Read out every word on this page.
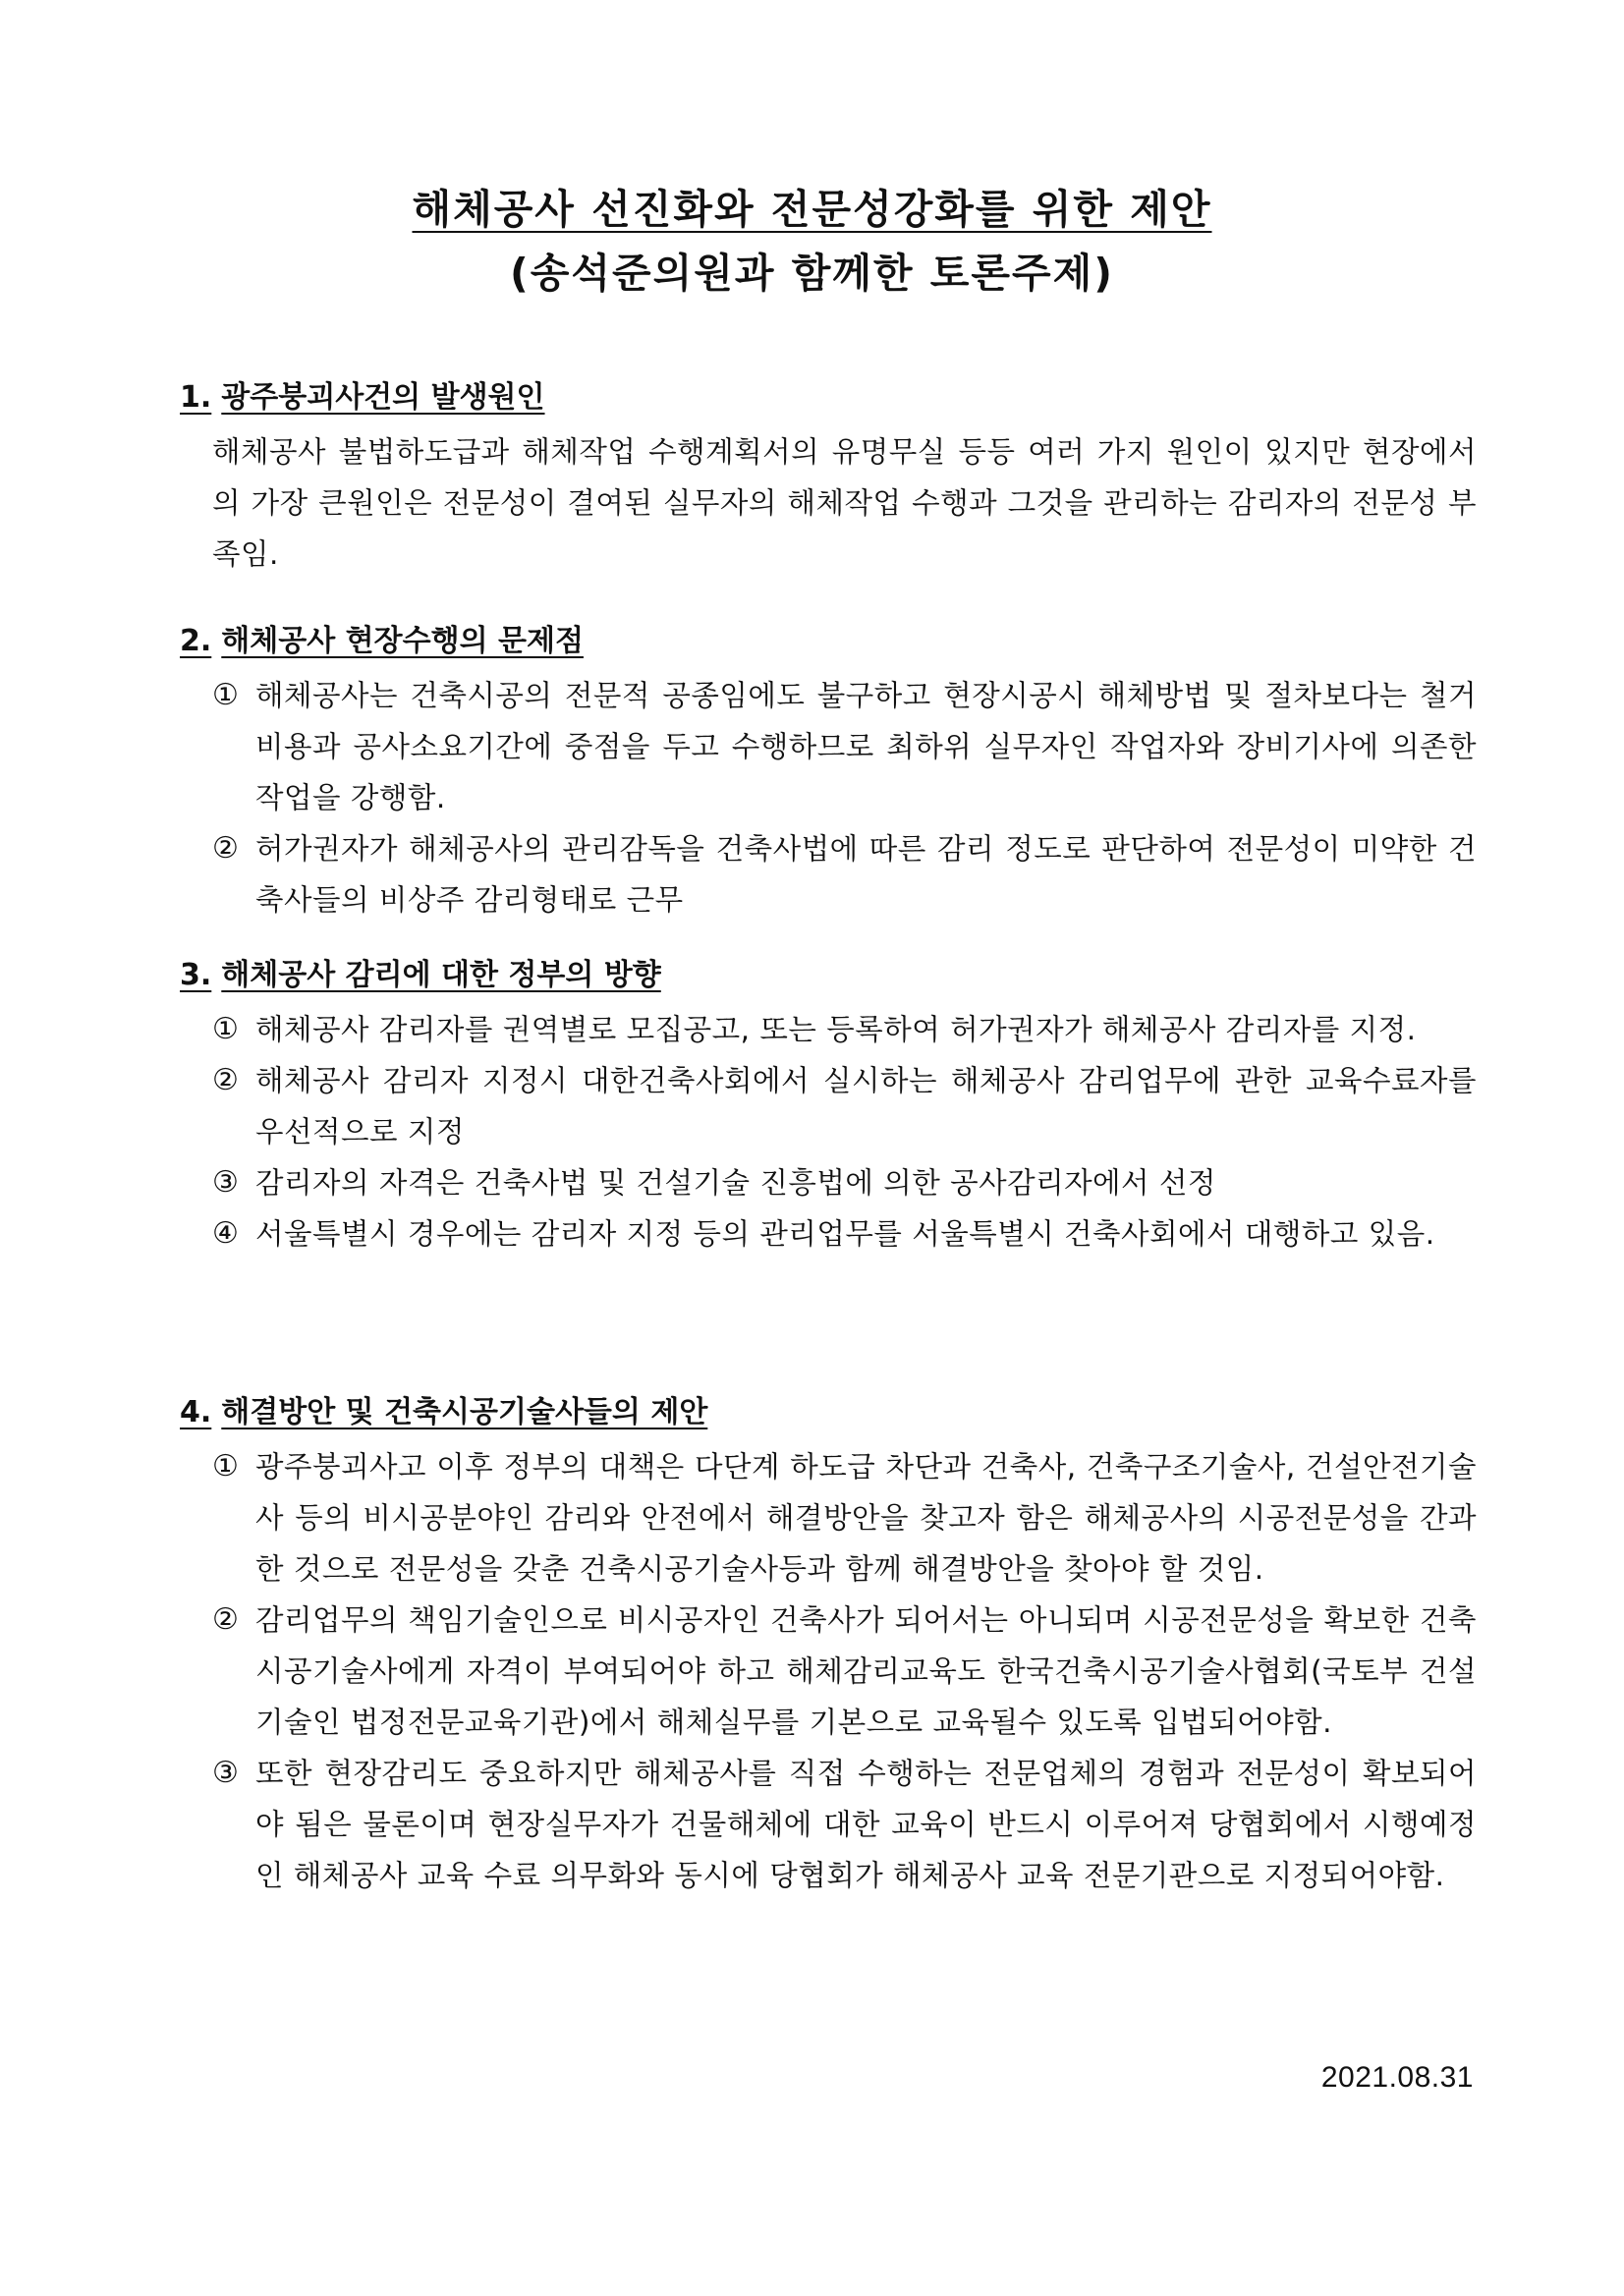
해체공사 선진화와 전문성강화를 위한 제안
(송석준의원과 함께한 토론주제)
1. 광주붕괴사건의 발생원인
해체공사 불법하도급과 해체작업 수행계획서의 유명무실 등등 여러 가지 원인이 있지만 현장에서의 가장 큰원인은 전문성이 결여된 실무자의 해체작업 수행과 그것을 관리하는 감리자의 전문성 부족임.
2. 해체공사 현장수행의 문제점
① 해체공사는 건축시공의 전문적 공종임에도 불구하고 현장시공시 해체방법 및 절차보다는 철거비용과 공사소요기간에 중점을 두고 수행하므로 최하위 실무자인 작업자와 장비기사에 의존한 작업을 강행함.
② 허가권자가 해체공사의 관리감독을 건축사법에 따른 감리 정도로 판단하여 전문성이 미약한 건축사들의 비상주 감리형태로 근무
3. 해체공사 감리에 대한 정부의 방향
① 해체공사 감리자를 권역별로 모집공고, 또는 등록하여 허가권자가 해체공사 감리자를 지정.
② 해체공사 감리자 지정시 대한건축사회에서 실시하는 해체공사 감리업무에 관한 교육수료자를 우선적으로 지정
③ 감리자의 자격은 건축사법 및 건설기술 진흥법에 의한 공사감리자에서 선정
④ 서울특별시 경우에는 감리자 지정 등의 관리업무를 서울특별시 건축사회에서 대행하고 있음.
4. 해결방안 및 건축시공기술사들의 제안
① 광주붕괴사고 이후 정부의 대책은 다단계 하도급 차단과 건축사, 건축구조기술사, 건설안전기술사 등의 비시공분야인 감리와 안전에서 해결방안을 찾고자 함은 해체공사의 시공전문성을 간과한 것으로 전문성을 갖춘 건축시공기술사등과 함께 해결방안을 찾아야 할 것임.
② 감리업무의 책임기술인으로 비시공자인 건축사가 되어서는 아니되며 시공전문성을 확보한 건축시공기술사에게 자격이 부여되어야 하고 해체감리교육도 한국건축시공기술사협회(국토부 건설기술인 법정전문교육기관)에서 해체실무를 기본으로 교육될수 있도록 입법되어야함.
③ 또한 현장감리도 중요하지만 해체공사를 직접 수행하는 전문업체의 경험과 전문성이 확보되어야 됨은 물론이며 현장실무자가 건물해체에 대한 교육이 반드시 이루어져 당협회에서 시행예정인 해체공사 교육 수료 의무화와 동시에 당협회가 해체공사 교육 전문기관으로 지정되어야함.
2021.08.31
